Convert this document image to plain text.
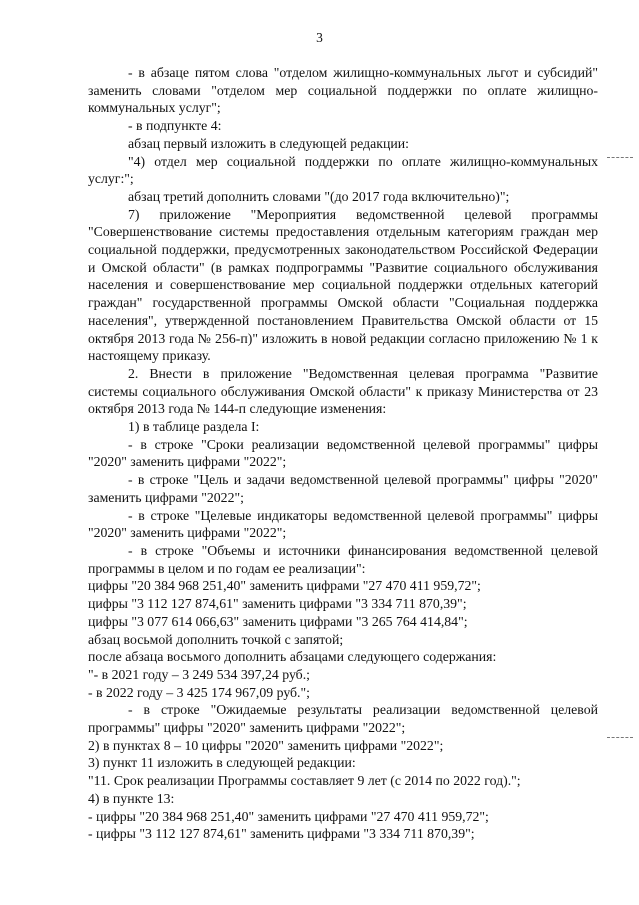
3

- в абзаце пятом слова "отделом жилищно-коммунальных льгот и субсидий" заменить словами "отделом мер социальной поддержки по оплате жилищно-коммунальных услуг";

- в подпункте 4:

абзац первый изложить в следующей редакции:

"4) отдел мер социальной поддержки по оплате жилищно-коммунальных услуг:";

абзац третий дополнить словами "(до 2017 года включительно)";

7) приложение "Мероприятия ведомственной целевой программы "Совершенствование системы предоставления отдельным категориям граждан мер социальной поддержки, предусмотренных законодательством Российской Федерации и Омской области" (в рамках подпрограммы "Развитие социального обслуживания населения и совершенствование мер социальной поддержки отдельных категорий граждан" государственной программы Омской области "Социальная поддержка населения", утвержденной постановлением Правительства Омской области от 15 октября 2013 года № 256-п)" изложить в новой редакции согласно приложению № 1 к настоящему приказу.

2. Внести в приложение "Ведомственная целевая программа "Развитие системы социального обслуживания Омской области" к приказу Министерства от 23 октября 2013 года № 144-п следующие изменения:

1) в таблице раздела I:

- в строке "Сроки реализации ведомственной целевой программы" цифры "2020" заменить цифрами "2022";

- в строке "Цель и задачи ведомственной целевой программы" цифры "2020" заменить цифрами "2022";

- в строке "Целевые индикаторы ведомственной целевой программы" цифры "2020" заменить цифрами "2022";

- в строке "Объемы и источники финансирования ведомственной целевой программы в целом и по годам ее реализации":

цифры "20 384 968 251,40" заменить цифрами "27 470 411 959,72";

цифры "3 112 127 874,61" заменить цифрами "3 334 711 870,39";

цифры "3 077 614 066,63" заменить цифрами "3 265 764 414,84";

абзац восьмой дополнить точкой с запятой;

после абзаца восьмого дополнить абзацами следующего содержания:

"- в 2021 году – 3 249 534 397,24 руб.;

- в 2022 году – 3 425 174 967,09 руб.";

- в строке "Ожидаемые результаты реализации ведомственной целевой программы" цифры "2020" заменить цифрами "2022";

2) в пунктах 8 – 10 цифры "2020" заменить цифрами "2022";

3) пункт 11 изложить в следующей редакции:

"11. Срок реализации Программы составляет 9 лет (с 2014 по 2022 год).";

4) в пункте 13:

- цифры "20 384 968 251,40" заменить цифрами "27 470 411 959,72";

- цифры "3 112 127 874,61" заменить цифрами "3 334 711 870,39";
